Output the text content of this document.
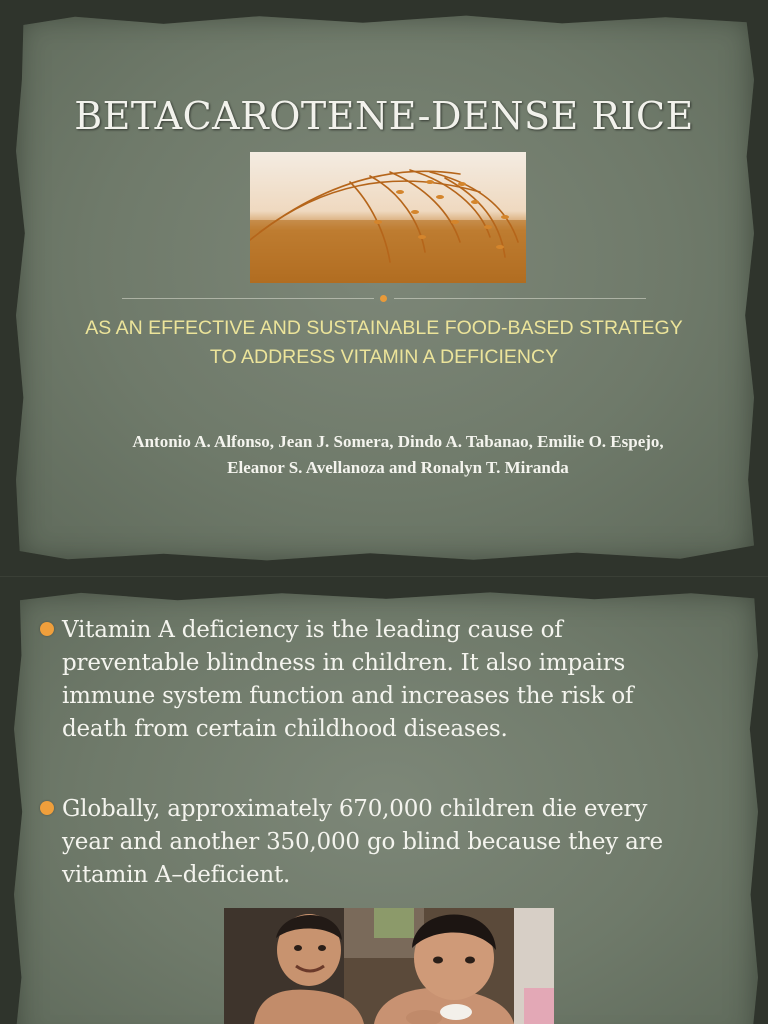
BETACAROTENE-DENSE RICE

AS AN EFFECTIVE AND SUSTAINABLE FOOD-BASED STRATEGY
TO ADDRESS VITAMIN A DEFICIENCY

Antonio A. Alfonso, Jean J. Somera, Dindo A. Tabanao, Emilie O. Espejo,
Eleanor S. Avellanoza and Ronalyn T. Miranda

Vitamin A deficiency is the leading cause of
preventable blindness in children. It also impairs
immune system function and increases the risk of
death from certain childhood diseases.
Globally, approximately 670,000 children die every
year and another 350,000 go blind because they are
vitamin A–deficient.
